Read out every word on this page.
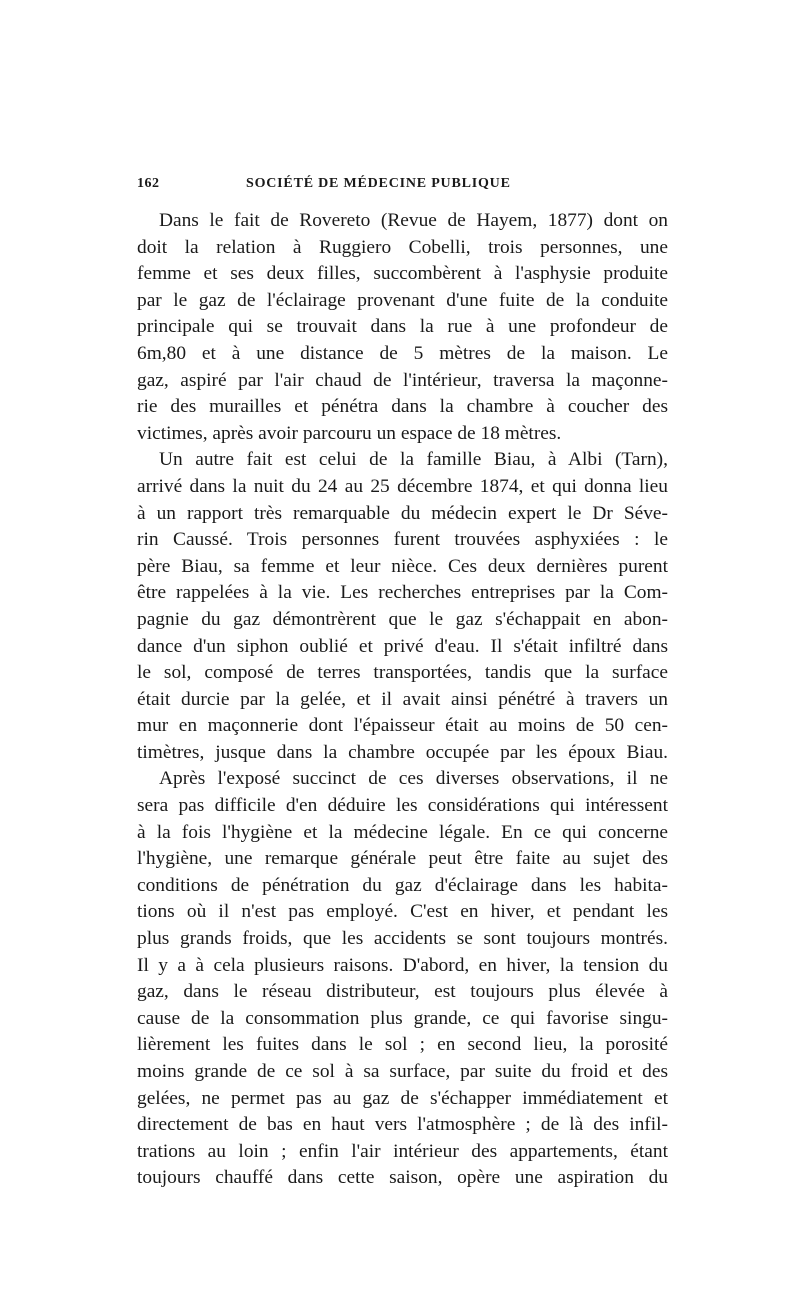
162	SOCIÉTÉ DE MÉDECINE PUBLIQUE
Dans le fait de Rovereto (Revue de Hayem, 1877) dont on
doit la relation à Ruggiero Cobelli, trois personnes, une
femme et ses deux filles, succombèrent à l'asphysie produite
par le gaz de l'éclairage provenant d'une fuite de la conduite
principale qui se trouvait dans la rue à une profondeur de
6m,80 et à une distance de 5 mètres de la maison. Le
gaz, aspiré par l'air chaud de l'intérieur, traversa la maçonne-
rie des murailles et pénétra dans la chambre à coucher des
victimes, après avoir parcouru un espace de 18 mètres.
Un autre fait est celui de la famille Biau, à Albi (Tarn),
arrivé dans la nuit du 24 au 25 décembre 1874, et qui donna lieu
à un rapport très remarquable du médecin expert le Dr Séve-
rin Caussé. Trois personnes furent trouvées asphyxiées : le
père Biau, sa femme et leur nièce. Ces deux dernières purent
être rappelées à la vie. Les recherches entreprises par la Com-
pagnie du gaz démontrèrent que le gaz s'échappait en abon-
dance d'un siphon oublié et privé d'eau. Il s'était infiltré dans
le sol, composé de terres transportées, tandis que la surface
était durcie par la gelée, et il avait ainsi pénétré à travers un
mur en maçonnerie dont l'épaisseur était au moins de 50 cen-
timètres, jusque dans la chambre occupée par les époux Biau.
Après l'exposé succinct de ces diverses observations, il ne
sera pas difficile d'en déduire les considérations qui intéressent
à la fois l'hygiène et la médecine légale. En ce qui concerne
l'hygiène, une remarque générale peut être faite au sujet des
conditions de pénétration du gaz d'éclairage dans les habita-
tions où il n'est pas employé. C'est en hiver, et pendant les
plus grands froids, que les accidents se sont toujours montrés.
Il y a à cela plusieurs raisons. D'abord, en hiver, la tension du
gaz, dans le réseau distributeur, est toujours plus élevée à
cause de la consommation plus grande, ce qui favorise singu-
lièrement les fuites dans le sol ; en second lieu, la porosité
moins grande de ce sol à sa surface, par suite du froid et des
gelées, ne permet pas au gaz de s'échapper immédiatement et
directement de bas en haut vers l'atmosphère ; de là des infil-
trations au loin ; enfin l'air intérieur des appartements, étant
toujours chauffé dans cette saison, opère une aspiration du
